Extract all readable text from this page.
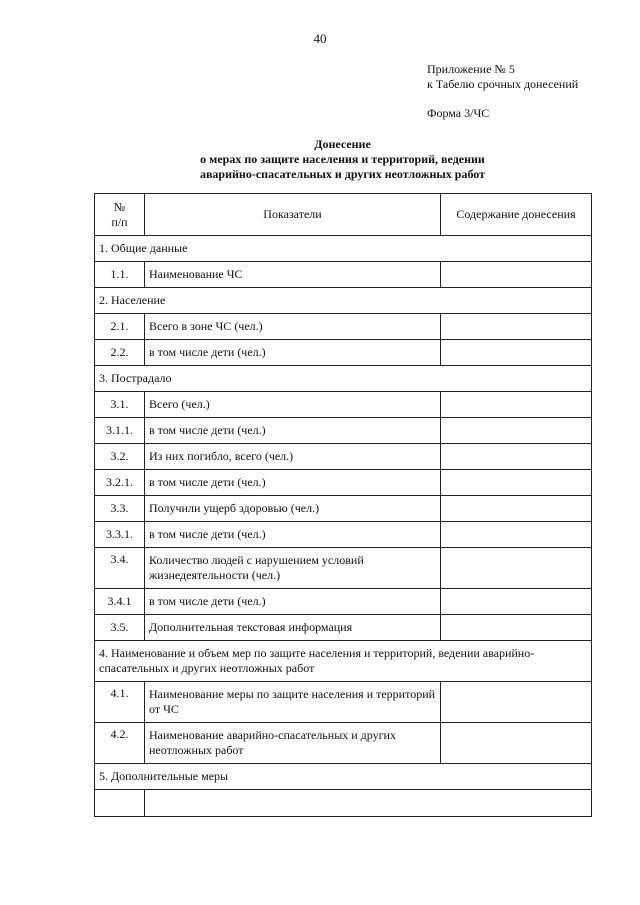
40
Приложение № 5
к Табелю срочных донесений
Форма 3/ЧС
Донесение
о мерах по защите населения и территорий, ведении
аварийно-спасательных и других неотложных работ
№
п/п	Показатели	Содержание донесения
1. Общие данные		
1.1.	Наименование ЧС	
2. Население		
2.1.	Всего в зоне ЧС (чел.)	
2.2.	в том числе дети (чел.)	
3. Пострадало		
3.1.	Всего (чел.)	
3.1.1.	в том числе дети (чел.)	
3.2.	Из них погибло, всего (чел.)	
3.2.1.	в том числе дети (чел.)	
3.3.	Получили ущерб здоровью (чел.)	
3.3.1.	в том числе дети (чел.)	
3.4.	Количество людей с нарушением условий жизнедеятельности (чел.)	
3.4.1	в том числе дети (чел.)	
3.5.	Дополнительная текстовая информация	
4. Наименование и объем мер по защите населения и территорий, ведении аварийно-спасательных и других неотложных работ		
4.1.	Наименование меры по защите населения и территорий от ЧС	
4.2.	Наименование аварийно-спасательных и других неотложных работ	
5. Дополнительные меры		
